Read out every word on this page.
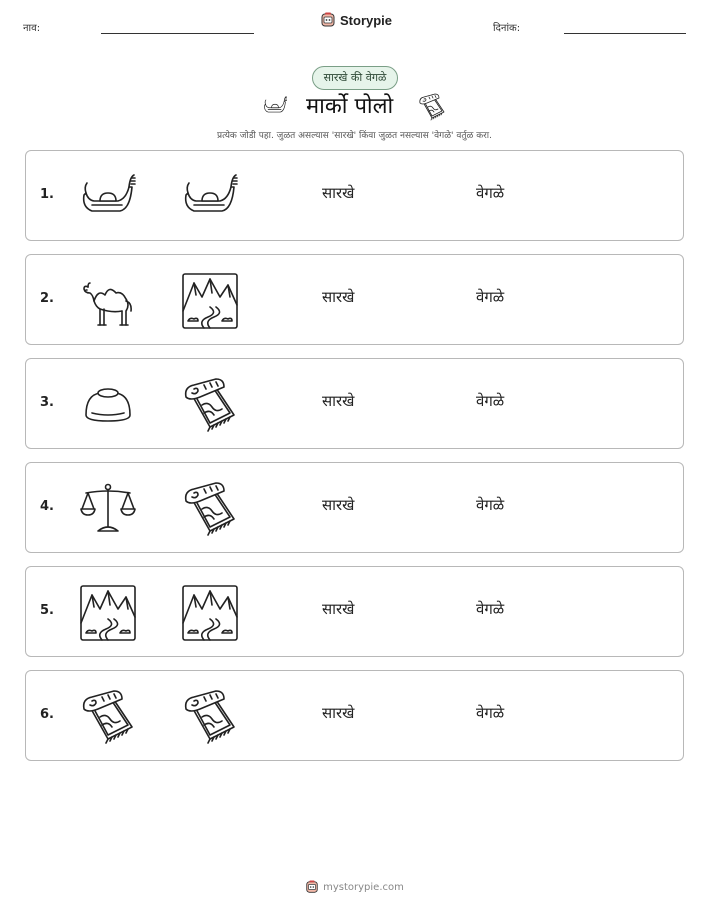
नाव:
Storypie
दिनांक:
सारखे की वेगळे
मार्को पोलो
प्रत्येक जोडी पहा. जुळत असल्यास 'सारखे' किंवा जुळत नसल्यास 'वेगळे' वर्तुळ करा.
1.	सारखे	वेगळे
2.	सारखे	वेगळे
3.	सारखे	वेगळे
4.	सारखे	वेगळे
5.	सारखे	वेगळे
6.	सारखे	वेगळे
mystorypie.com
